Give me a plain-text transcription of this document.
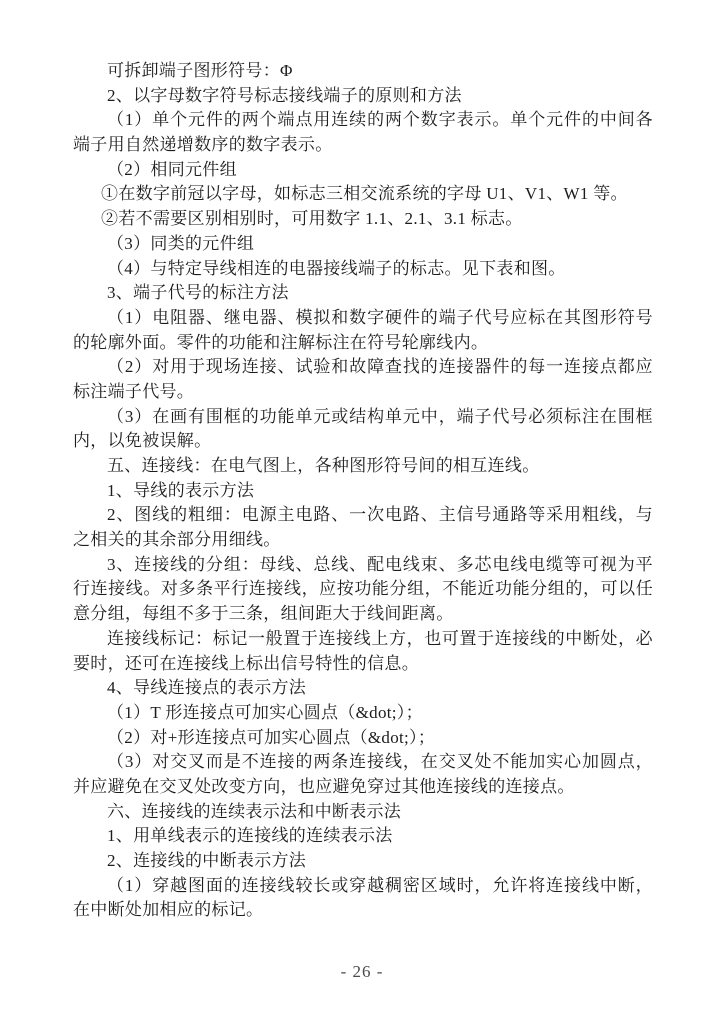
可拆卸端子图形符号：Φ
2、以字母数字符号标志接线端子的原则和方法
（1）单个元件的两个端点用连续的两个数字表示。单个元件的中间各
端子用自然递增数序的数字表示。
（2）相同元件组
①在数字前冠以字母，如标志三相交流系统的字母 U1、V1、W1 等。
②若不需要区别相别时，可用数字 1.1、2.1、3.1 标志。
（3）同类的元件组
（4）与特定导线相连的电器接线端子的标志。见下表和图。
3、端子代号的标注方法
（1）电阻器、继电器、模拟和数字硬件的端子代号应标在其图形符号
的轮廓外面。零件的功能和注解标注在符号轮廓线内。
（2）对用于现场连接、试验和故障查找的连接器件的每一连接点都应
标注端子代号。
（3）在画有围框的功能单元或结构单元中，端子代号必须标注在围框
内，以免被误解。
五、连接线：在电气图上，各种图形符号间的相互连线。
1、导线的表示方法
2、图线的粗细：电源主电路、一次电路、主信号通路等采用粗线，与
之相关的其余部分用细线。
3、连接线的分组：母线、总线、配电线束、多芯电线电缆等可视为平
行连接线。对多条平行连接线，应按功能分组，不能近功能分组的，可以任
意分组，每组不多于三条，组间距大于线间距离。
连接线标记：标记一般置于连接线上方，也可置于连接线的中断处，必
要时，还可在连接线上标出信号特性的信息。
4、导线连接点的表示方法
（1）T 形连接点可加实心圆点（&dot;）；
（2）对+形连接点可加实心圆点（&dot;）；
（3）对交叉而是不连接的两条连接线，在交叉处不能加实心加圆点，
并应避免在交叉处改变方向，也应避免穿过其他连接线的连接点。
六、连接线的连续表示法和中断表示法
1、用单线表示的连接线的连续表示法
2、连接线的中断表示方法
（1）穿越图面的连接线较长或穿越稠密区域时，允许将连接线中断，
在中断处加相应的标记。
- 26 -
